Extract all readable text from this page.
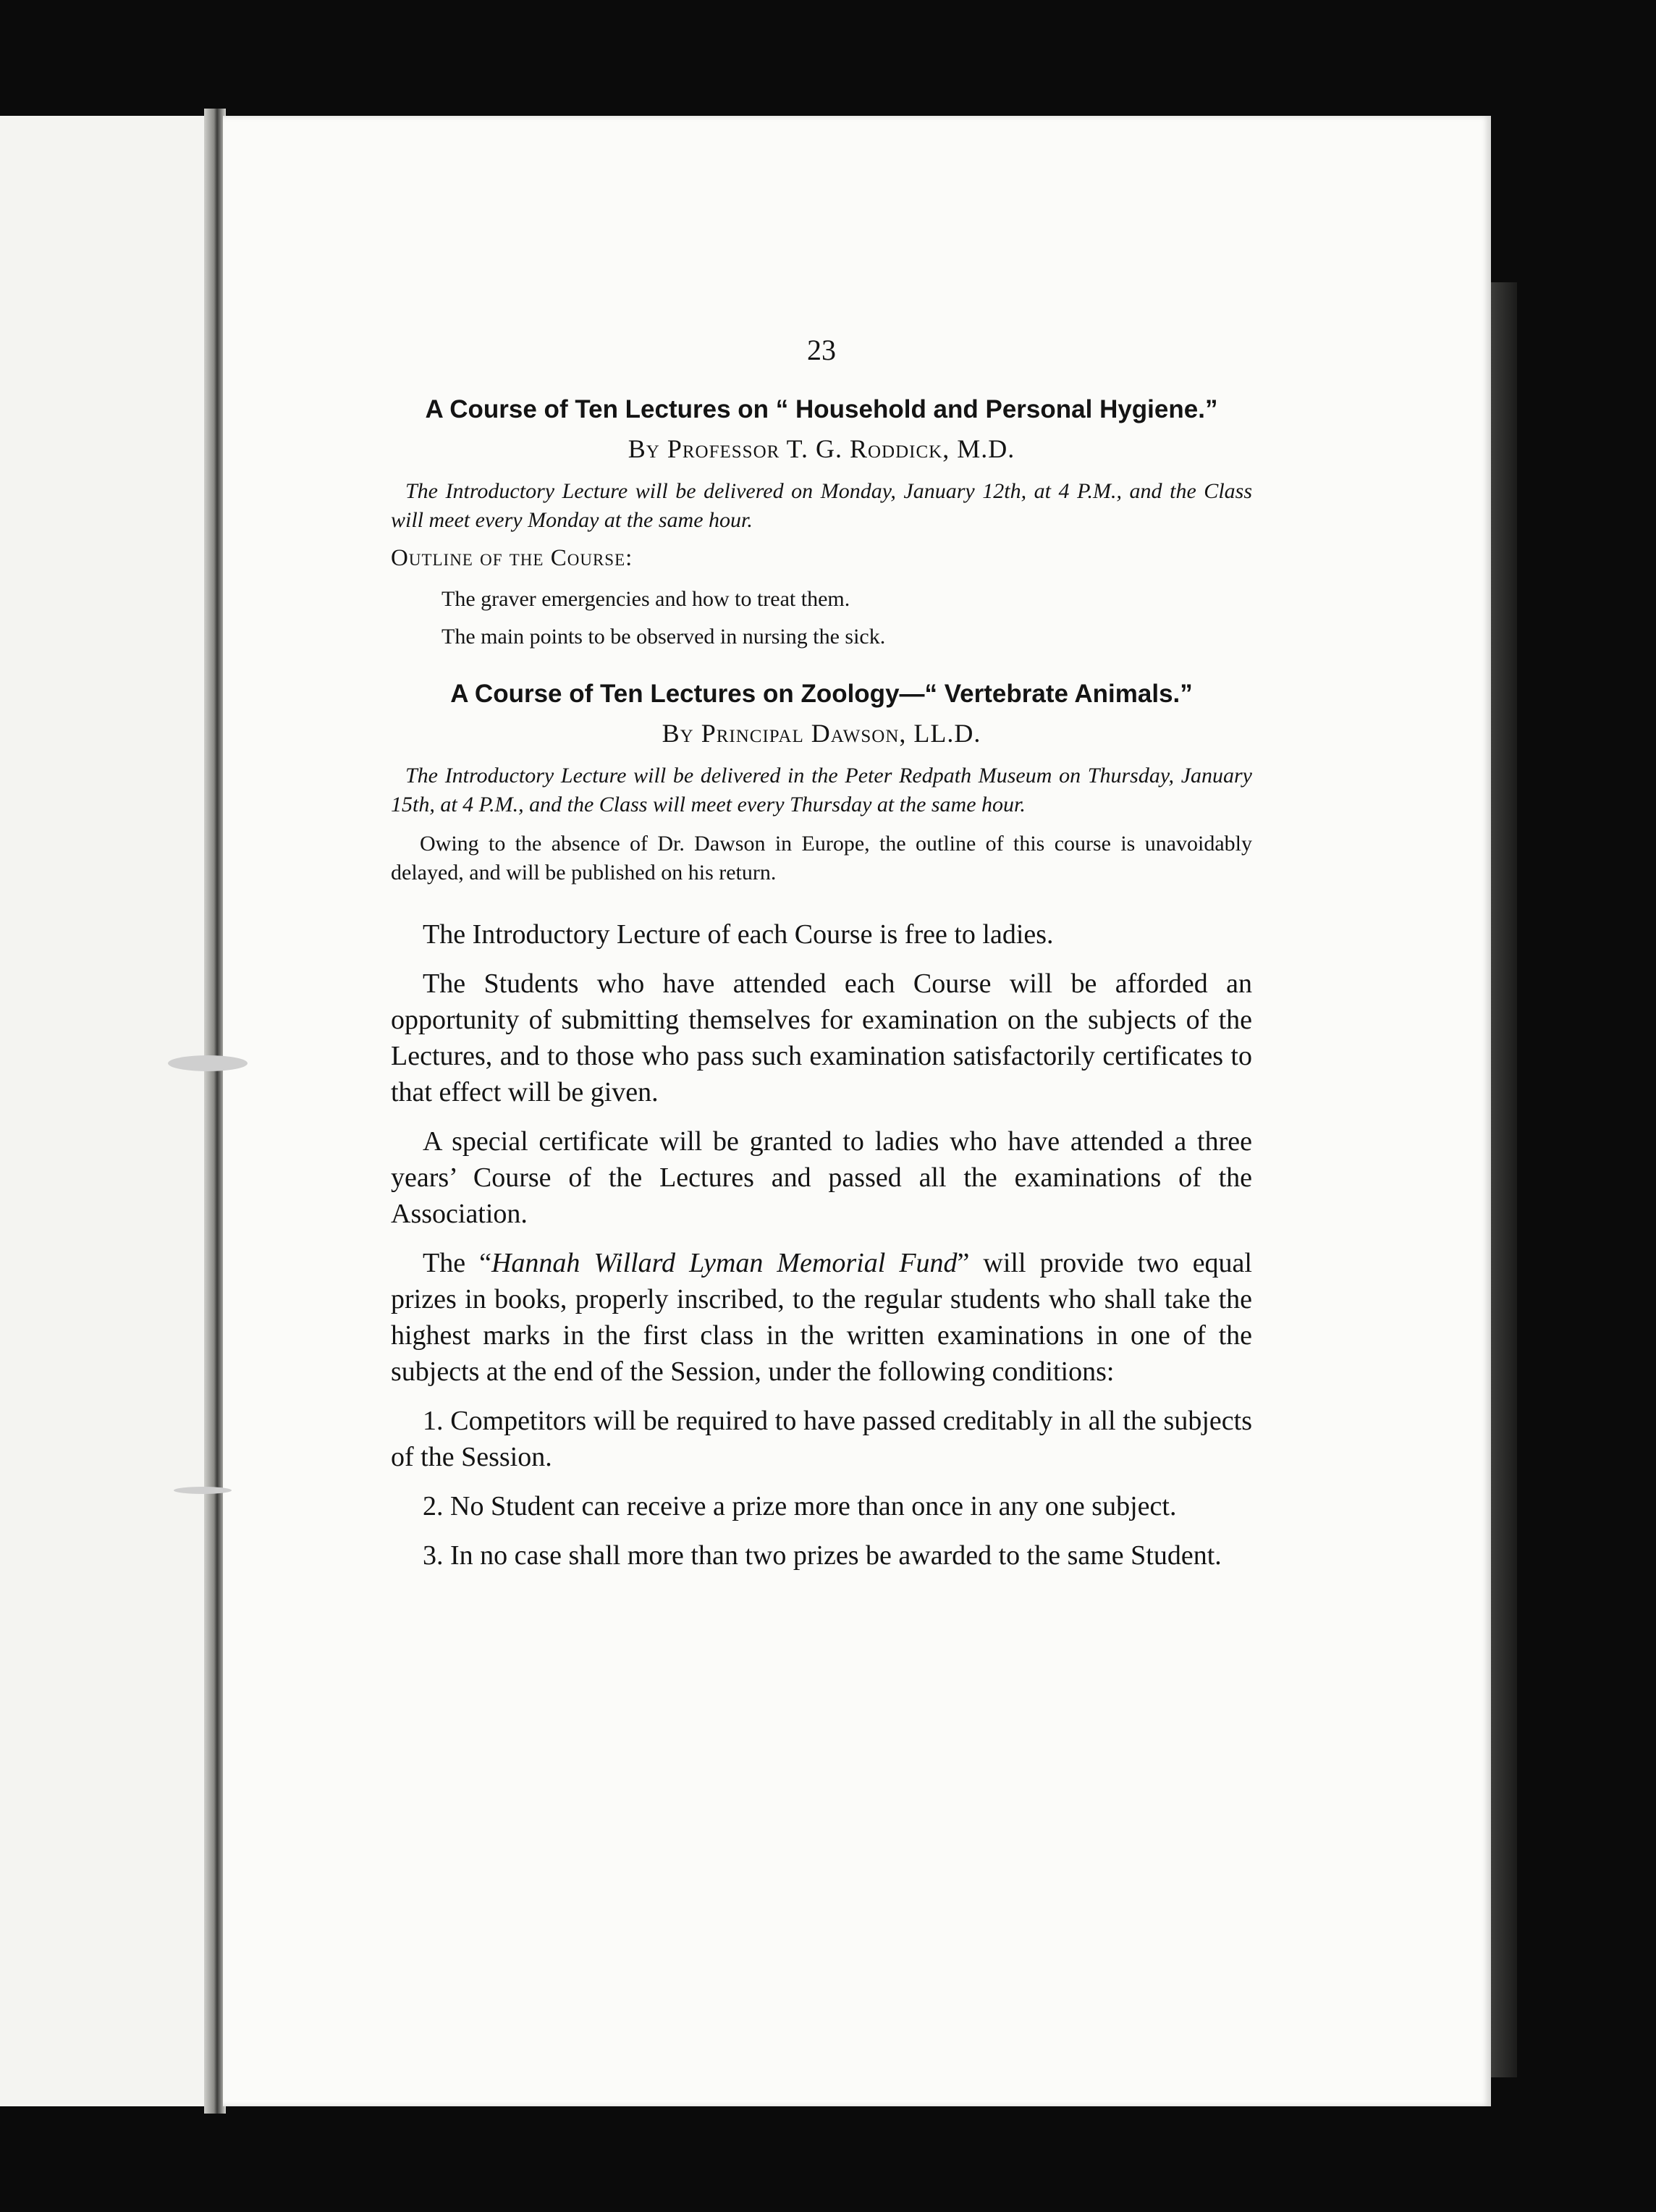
23
A Course of Ten Lectures on “ Household and Personal Hygiene.”
By Professor T. G. Roddick, M.D.
The Introductory Lecture will be delivered on Monday, January 12th, at 4 P.M., and the Class will meet every Monday at the same hour.
Outline of the Course:
The graver emergencies and how to treat them.
The main points to be observed in nursing the sick.
A Course of Ten Lectures on Zoology—“ Vertebrate Animals.”
By Principal Dawson, LL.D.
The Introductory Lecture will be delivered in the Peter Redpath Museum on Thursday, January 15th, at 4 P.M., and the Class will meet every Thursday at the same hour.
Owing to the absence of Dr. Dawson in Europe, the outline of this course is unavoidably delayed, and will be published on his return.

The Introductory Lecture of each Course is free to ladies.

The Students who have attended each Course will be afforded an opportunity of submitting themselves for examination on the subjects of the Lectures, and to those who pass such examination satisfactorily certificates to that effect will be given.

A special certificate will be granted to ladies who have attended a three years’ Course of the Lectures and passed all the examinations of the Association.

The “Hannah Willard Lyman Memorial Fund” will provide two equal prizes in books, properly inscribed, to the regular students who shall take the highest marks in the first class in the written examinations in one of the subjects at the end of the Session, under the following conditions:

1. Competitors will be required to have passed creditably in all the subjects of the Session.

2. No Student can receive a prize more than once in any one subject.

3. In no case shall more than two prizes be awarded to the same Student.
